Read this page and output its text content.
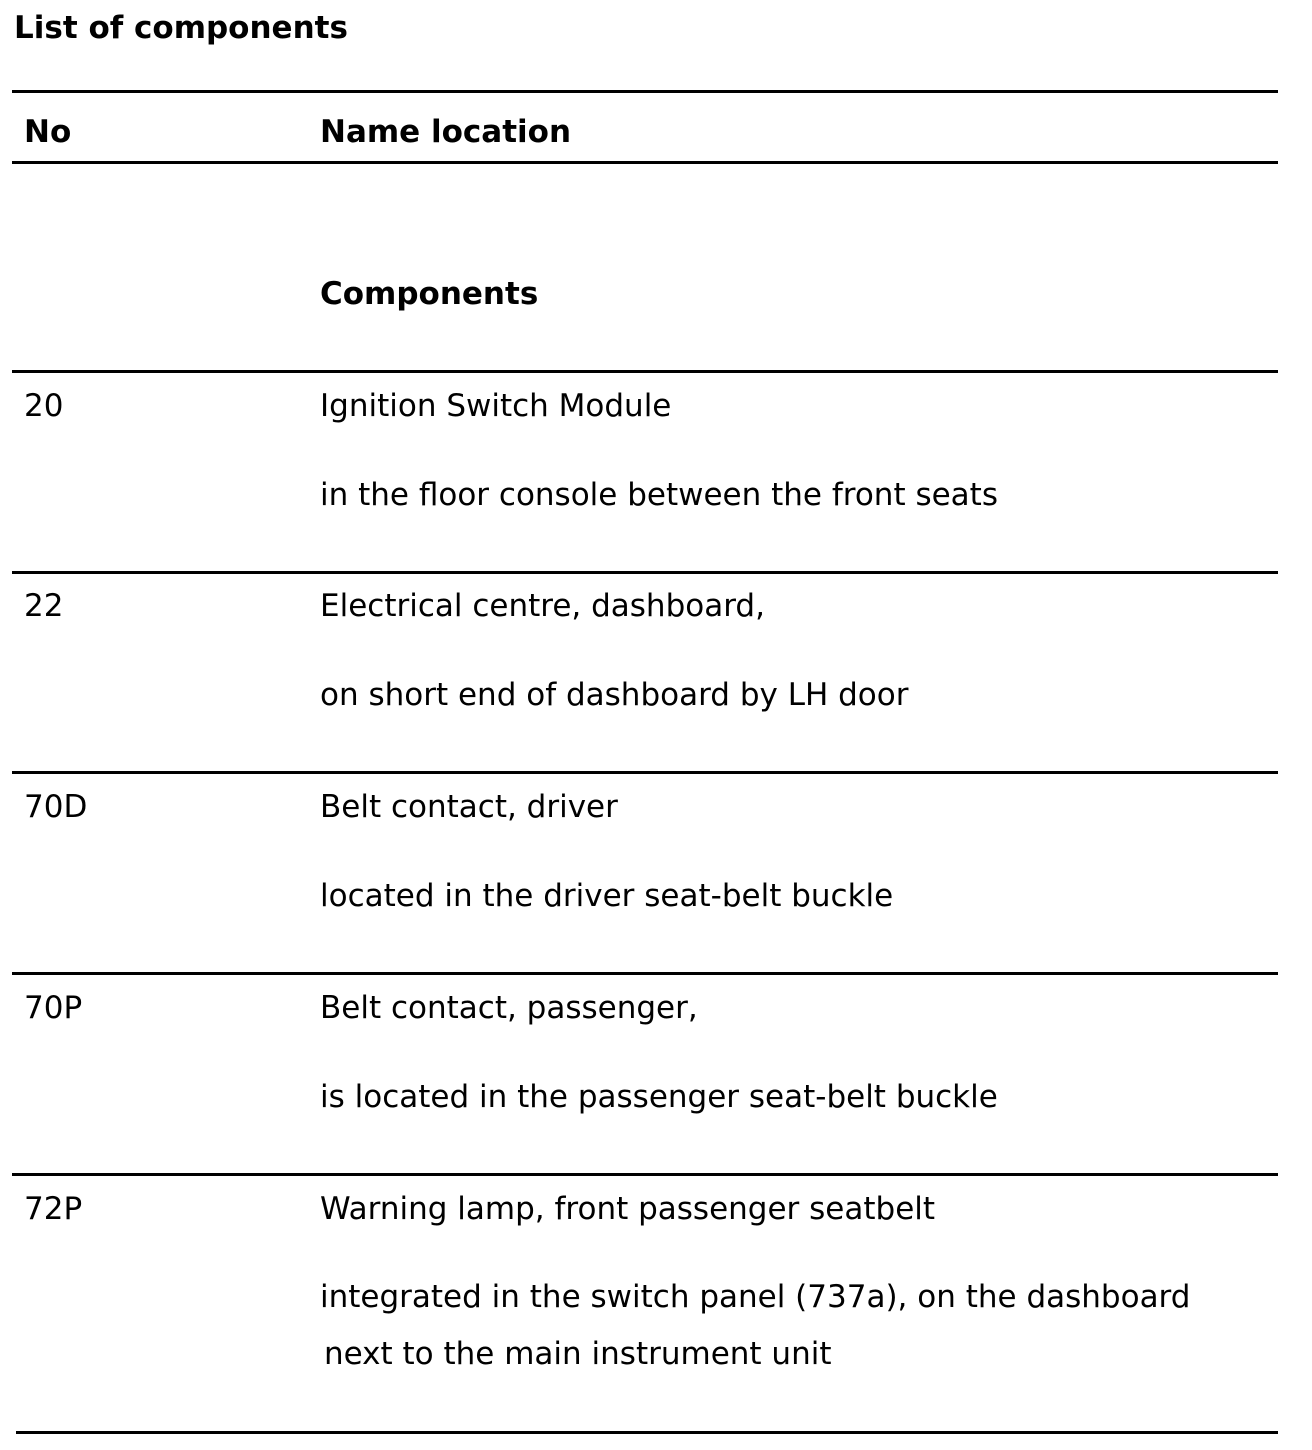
List of components
No	Name location
Components
20	Ignition Switch Module
in the floor console between the front seats
22	Electrical centre, dashboard,
on short end of dashboard by LH door
70D	Belt contact, driver
located in the driver seat-belt buckle
70P	Belt contact, passenger,
is located in the passenger seat-belt buckle
72P	Warning lamp, front passenger seatbelt
integrated in the switch panel (737a), on the dashboard
next to the main instrument unit
